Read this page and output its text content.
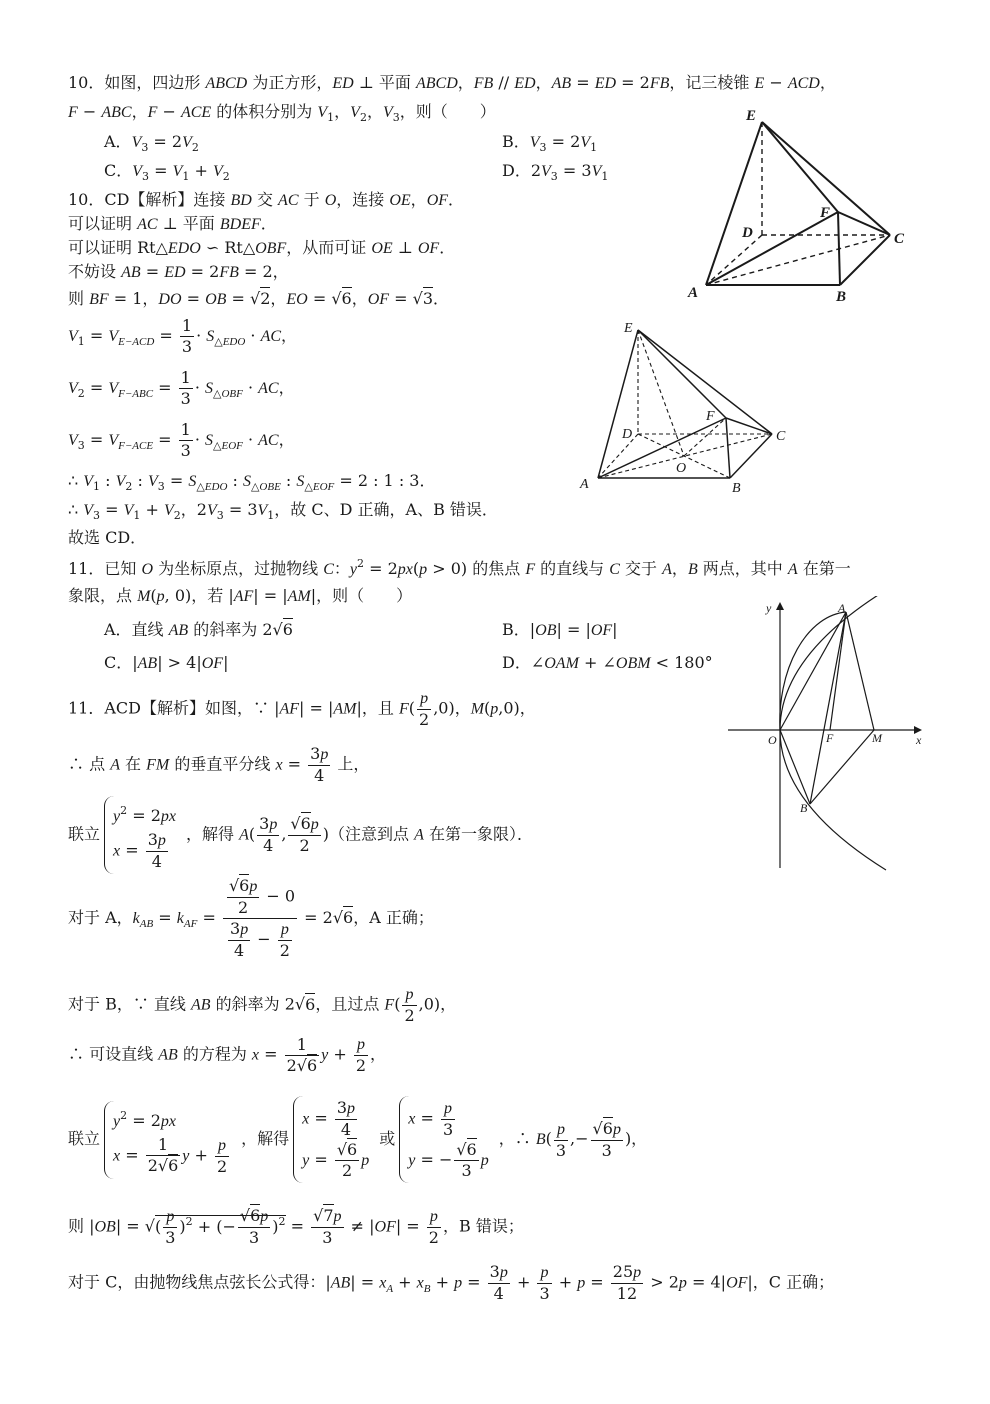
10．如图，四边形 ABCD 为正方形，ED ⊥ 平面 ABCD，FB // ED，AB = ED = 2FB，记三棱锥 E − ACD，
F − ABC，F − ACE 的体积分别为 $V_1$，$V_2$，$V_3$，则（　　）
A．$V_3 = 2V_2$	B．$V_3 = 2V_1$
C．$V_3 = V_1 + V_2$	D．$2V_3 = 3V_1$
10．CD【解析】连接 BD 交 AC 于 O，连接 OE，OF．
可以证明 AC ⊥ 平面 BDEF．
可以证明 Rt△EDO ∽ Rt△OBF，从而可证 OE ⊥ OF．
不妨设 AB = ED = 2FB = 2，
则 BF = 1，DO = OB = √2，EO = √6，OF = √3．
$V_1 = V_{E-ACD} = \frac{1}{3} \cdot S_{\triangle EDO}$ · AC，
$V_2 = V_{F-ABC} = \frac{1}{3} \cdot S_{\triangle OBF}$ · AC，
$V_3 = V_{F-ACE} = \frac{1}{3} \cdot S_{\triangle EOF}$ · AC，
∴ $V_1$ : $V_2$ : $V_3 = S_{\triangle EDO}$ : $S_{\triangle OBE}$ : $S_{\triangle EOF} = 2$ : 1 : 3．
∴ $V_3 = V_1 + V_2$，$2V_3 = 3V_1$，故 C、D 正确，A、B 错误．
故选 CD．
E
F
D	C
A	B
E
F
D	C
O
A	B
11．已知 O 为坐标原点，过抛物线 C：$y^2 = 2px(p > 0)$ 的焦点 F 的直线与 C 交于 A，B 两点，其中 A 在第一
象限，点 M(p, 0)，若 |AF| = |AM|，则（　　）
A．直线 AB 的斜率为 2√6	B．|OB| = |OF|
C．|AB| > 4|OF|	D．∠OAM + ∠OBM < 180°
11．ACD【解析】如图，∵ |AF| = |AM|，且 $F( \frac{p}{2} ,0)$，M(p,0)，
∴ 点 A 在 FM 的垂直平分线 $x = \frac{3p}{4}$ 上，
联立
$y^2 = 2px$
$x = \frac{3p}{4}$ ，解得 $A( \frac{3p}{4}$ , $\frac{√6p}{2}$ )（注意到点 A 在第一象限）．
对于 A，$k_{AB} = k_{AF} = \frac{\frac{√6p}{2} - 0}{\frac{3p}{4} - \frac{p}{2}} = 2√6$，A 正确；
对于 B，∵ 直线 AB 的斜率为 2√6，且过点 $F( \frac{p}{2} ,0)$，
∴ 可设直线 AB 的方程为 $x = \frac{1}{2√6}$ $y + \frac{p}{2}$ ，
联立
$y^2 = 2px$
$x = \frac{1}{2√6}$ $y + \frac{p}{2}$ ，解得
$x = \frac{3p}{4}$
$y = \frac{√6}{2}$ p
或
$x = \frac{p}{3}$
y = − $\frac{√6}{3}$ p
，∴ $B( \frac{p}{3}$ ,− $\frac{√6p}{3}$ )，
则 |OB| = √( $\frac{p}{3} )^2$ + (− $\frac{√6p}{3} )^2 = \frac{√7p}{3} \ne |OF| = \frac{p}{2}$ ，B 错误；
对于 C，由抛物线焦点弦长公式得：$|AB| = x_A + x_B + p = \frac{3p}{4} + \frac{p}{3} + p = \frac{25p}{12} > 2p = 4|OF|$，C 正确；
y	A
O	F	M	x
B
